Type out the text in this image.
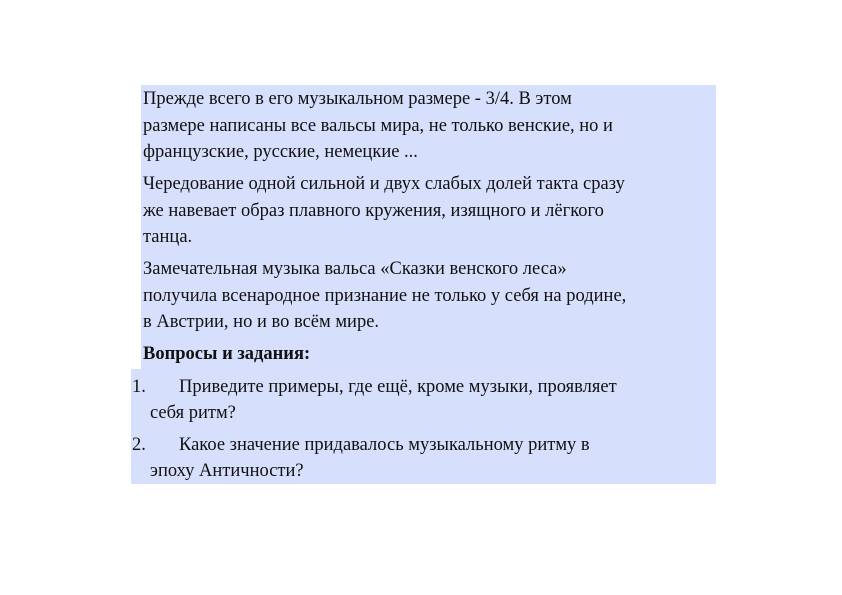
Прежде всего в его музыкальном размере - 3/4. В этом
размере написаны все вальсы мира, не только венские, но и
французские, русские, немецкие ...
Чередование одной сильной и двух слабых долей такта сразу
же навевает образ плавного кружения, изящного и лёгкого
танца.
Замечательная музыка вальса «Сказки венского леса»
получила всенародное признание не только у себя на родине,
в Австрии, но и во всём мире.
Вопросы и задания:
1. Приведите примеры, где ещё, кроме музыки, проявляет
себя ритм?
2. Какое значение придавалось музыкальному ритму в
эпоху Античности?
